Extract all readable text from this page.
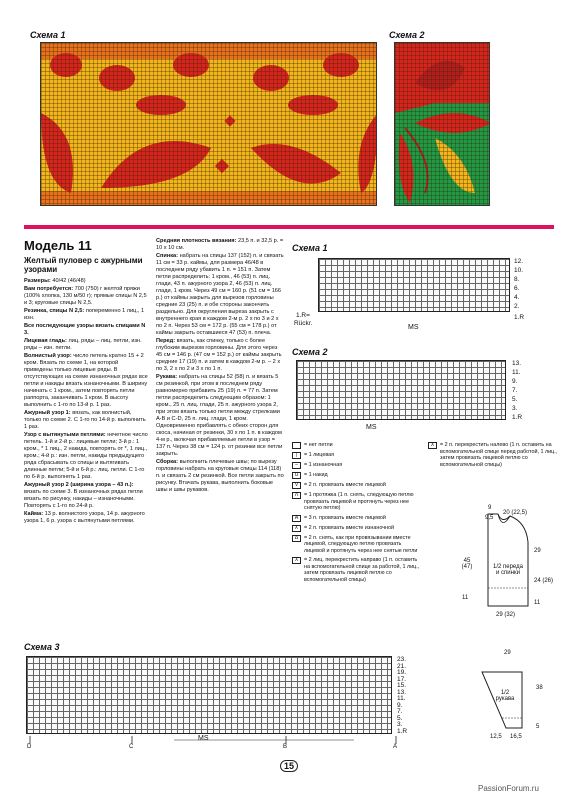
Схема 1	Схема 2
Модель 11
Желтый пуловер с ажурными узорами

Размеры: 40/42 (46/48)

Вам потребуется: 700 (750) г желтой пряжи (100% хлопка, 130 м/50 г); прямые спицы N 2,5 и 3; круговые спицы N 2,5.

Резинка, спицы N 2,5: попеременно 1 лиц., 1 изн.

Все последующие узоры вязать спицами N 3.

Лицевая гладь: лиц. ряды – лиц. петли, изн. ряды – изн. петли.

Волнистый узор: число петель кратно 15 + 2 кром. Вязать по схеме 1, на которой приведены только лицевые ряды. В отсутствующих на схеме изнаночных рядах все петли и накиды вязать изнаночными. В ширину начинать с 1 кром., затем повторять петли раппорта, заканчивать 1 кром. В высоту выполнить с 1-го по 13-й р. 1 раз.

Ажурный узор 1: вязать, как волнистый, только по схеме 2. С 1-го по 14-й р. выполнить 1 раз.

Узор с вытянутыми петлями: нечетное число петель. 1-й и 2-й р.: лицевые петли; 3-й р.: 1 кром., * 1 лиц., 2 накида, повторять от *, 1 лиц., кром.; 4-й р.: изн. петли, накиды предыдущего ряда сбрасывать со спицы и вытягивать длинные петли; 5-й и 6-й р.: лиц. петли. С 1-го по 6-й р. выполнять 1 раз.

Ажурный узор 2 (ширина узора – 43 п.): вязать по схеме 3. В изнаночных рядах петли вязать по рисунку, накиды – изнаночными. Повторять с 1-го по 24-й р.

Кайма: 13 р. волнистого узора, 14 р. ажурного узора 1, 6 р. узора с вытянутыми петлями.

Средняя плотность вязания: 23,5 п. и 32,5 р. = 10 х 10 см.

Спинка: набрать на спицы 137 (152) п. и связать 11 см = 33 р. каймы, для размера 46/48 в последнем ряду убавить 1 п. = 151 п. Затем петли распределить: 1 кром., 46 (53) п. лиц. глади, 43 п. ажурного узора 2, 46 (53) п. лиц. глади, 1 кром. Через 49 см = 160 р. (51 см = 166 р.) от каймы закрыть для вырезов горловины средние 23 (25) п. и обе стороны закончить раздельно. Для округления выреза закрыть с внутреннего края в каждом 2-м р. 2 х по 3 и 2 х по 2 п. Через 53 см = 172 р. (55 см = 178 р.) от каймы закрыть оставшиеся 47 (53) п. плеча.

Перед: вязать, как спинку, только с более глубоким вырезом горловины. Для этого через 45 см = 146 р. (47 см = 152 р.) от каймы закрыть средние 17 (19) п. и затем в каждом 2-м р. – 2 х по 3, 2 х по 2 и 3 х по 1 п.

Рукава: набрать на спицы 52 (58) п. и вязать 5 см резинкой, при этом в последнем ряду равномерно прибавить 25 (19) п. = 77 п. Затем петли распределить следующим образом: 1 кром., 25 п. лиц. глади, 25 п. ажурного узора 2, при этом вязать только петли между стрелками A-B и C-D, 25 п. лиц. глади, 1 кром. Одновременно прибавлять с обеих сторон для скоса, начиная от резинки, 30 х по 1 п. в каждом 4-м р., включая прибавляемые петли в узор = 137 п. Через 38 см = 124 р. от резинки все петли закрыть.

Сборка: выполнить плечевые швы; по вырезу горловины набрать на круговые спицы 114 (118) п. и связать 2 см резинкой. Все петли закрыть по рисунку. Втачать рукава, выполнить боковые швы и швы рукавов.

Схема 1
12.
10.
8.
6.
4.
2.
1.R=
Rückr.
1.R
MS
Схема 2
13.
11.
9.
7.
5.
3.
1.R
MS
= нет петли
|	= 1 лицевая
–	= 1 изнаночная
U	= 1 накид
V	= 2 п. провязать вместе лицевой
Λ	= 1 протяжка (1 п. снять, следующую петлю провязать лицевой и протянуть через нее снятую петлю)
A	= 3 п. провязать вместе лицевой
⊼	= 2 п. провязать вместе изнаночной
Δ	= 2 п. снять, как при провязывании вместе лицевой, следующую петлю провязать лицевой и протянуть через нее снятые петли
X	= 2 лиц. перекрестить направо (1 п. оставить на вспомогательной спице за работой, 1 лиц., затем провязать лицевой петлю со вспомогательной спицы)
X	= 2 п. перекрестить налево (1 п. оставить на вспомогательной спице перед работой, 1 лиц., затем провязать лицевой петлю со вспомогательной спицы)
9
9,5
20 (22,5)
29
24 (26)
45 (47)
11
11
1/2 переда и спинки
29 (32)
29
1/2 рукава
38
5
12,5 16,5
Схема 3
23.
21.
19.
17.
15.
13.
11.
9.
7.
5.
3.
1.R
D	C	B	A
MS
15
PassionForum.ru
